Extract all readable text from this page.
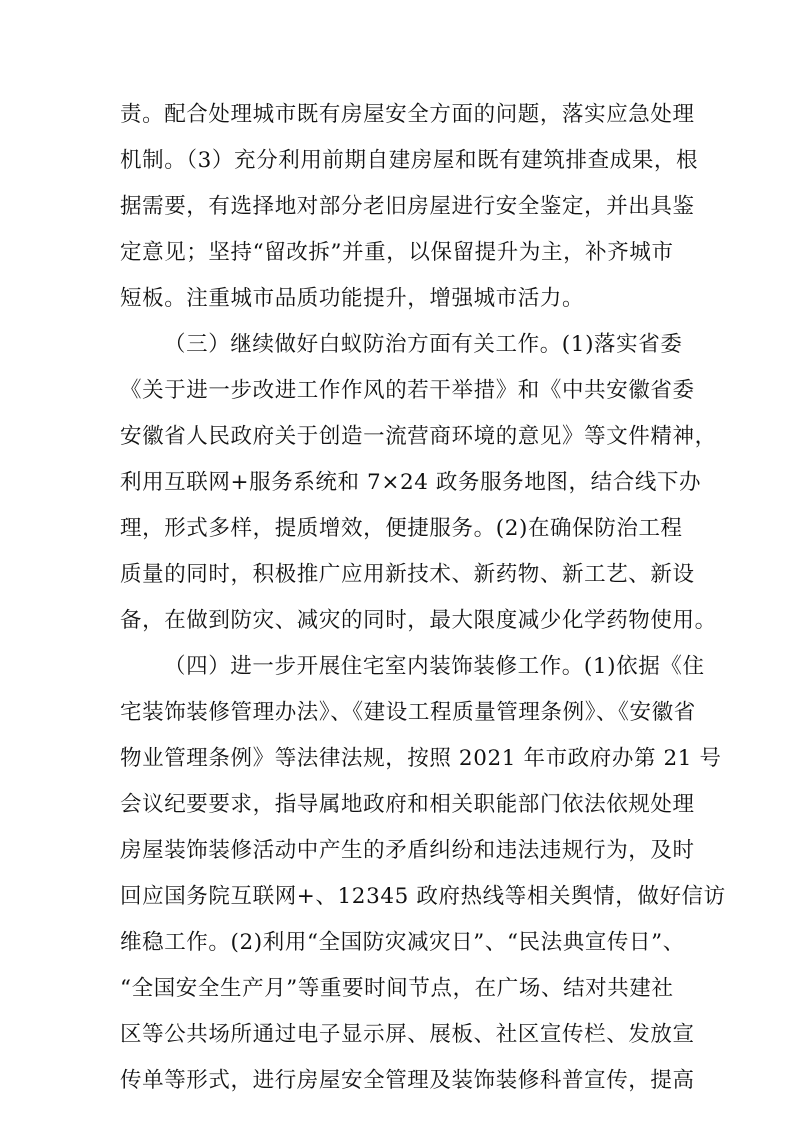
责。配合处理城市既有房屋安全方面的问题，落实应急处理
机制。（3）充分利用前期自建房屋和既有建筑排查成果，根
据需要，有选择地对部分老旧房屋进行安全鉴定，并出具鉴
定意见；坚持“留改拆”并重，以保留提升为主，补齐城市
短板。注重城市品质功能提升，增强城市活力。
（三）继续做好白蚁防治方面有关工作。(1)落实省委
《关于进一步改进工作作风的若干举措》和《中共安徽省委
安徽省人民政府关于创造一流营商环境的意见》等文件精神，
利用互联网+服务系统和 7×24 政务服务地图，结合线下办
理，形式多样，提质增效，便捷服务。(2)在确保防治工程
质量的同时，积极推广应用新技术、新药物、新工艺、新设
备，在做到防灾、减灾的同时，最大限度减少化学药物使用。
（四）进一步开展住宅室内装饰装修工作。(1)依据《住
宅装饰装修管理办法》、《建设工程质量管理条例》、《安徽省
物业管理条例》等法律法规，按照 2021 年市政府办第 21 号
会议纪要要求，指导属地政府和相关职能部门依法依规处理
房屋装饰装修活动中产生的矛盾纠纷和违法违规行为，及时
回应国务院互联网+、12345 政府热线等相关舆情，做好信访
维稳工作。(2)利用“全国防灾减灾日”、“民法典宣传日”、
“全国安全生产月”等重要时间节点，在广场、结对共建社
区等公共场所通过电子显示屏、展板、社区宣传栏、发放宣
传单等形式，进行房屋安全管理及装饰装修科普宣传，提高
